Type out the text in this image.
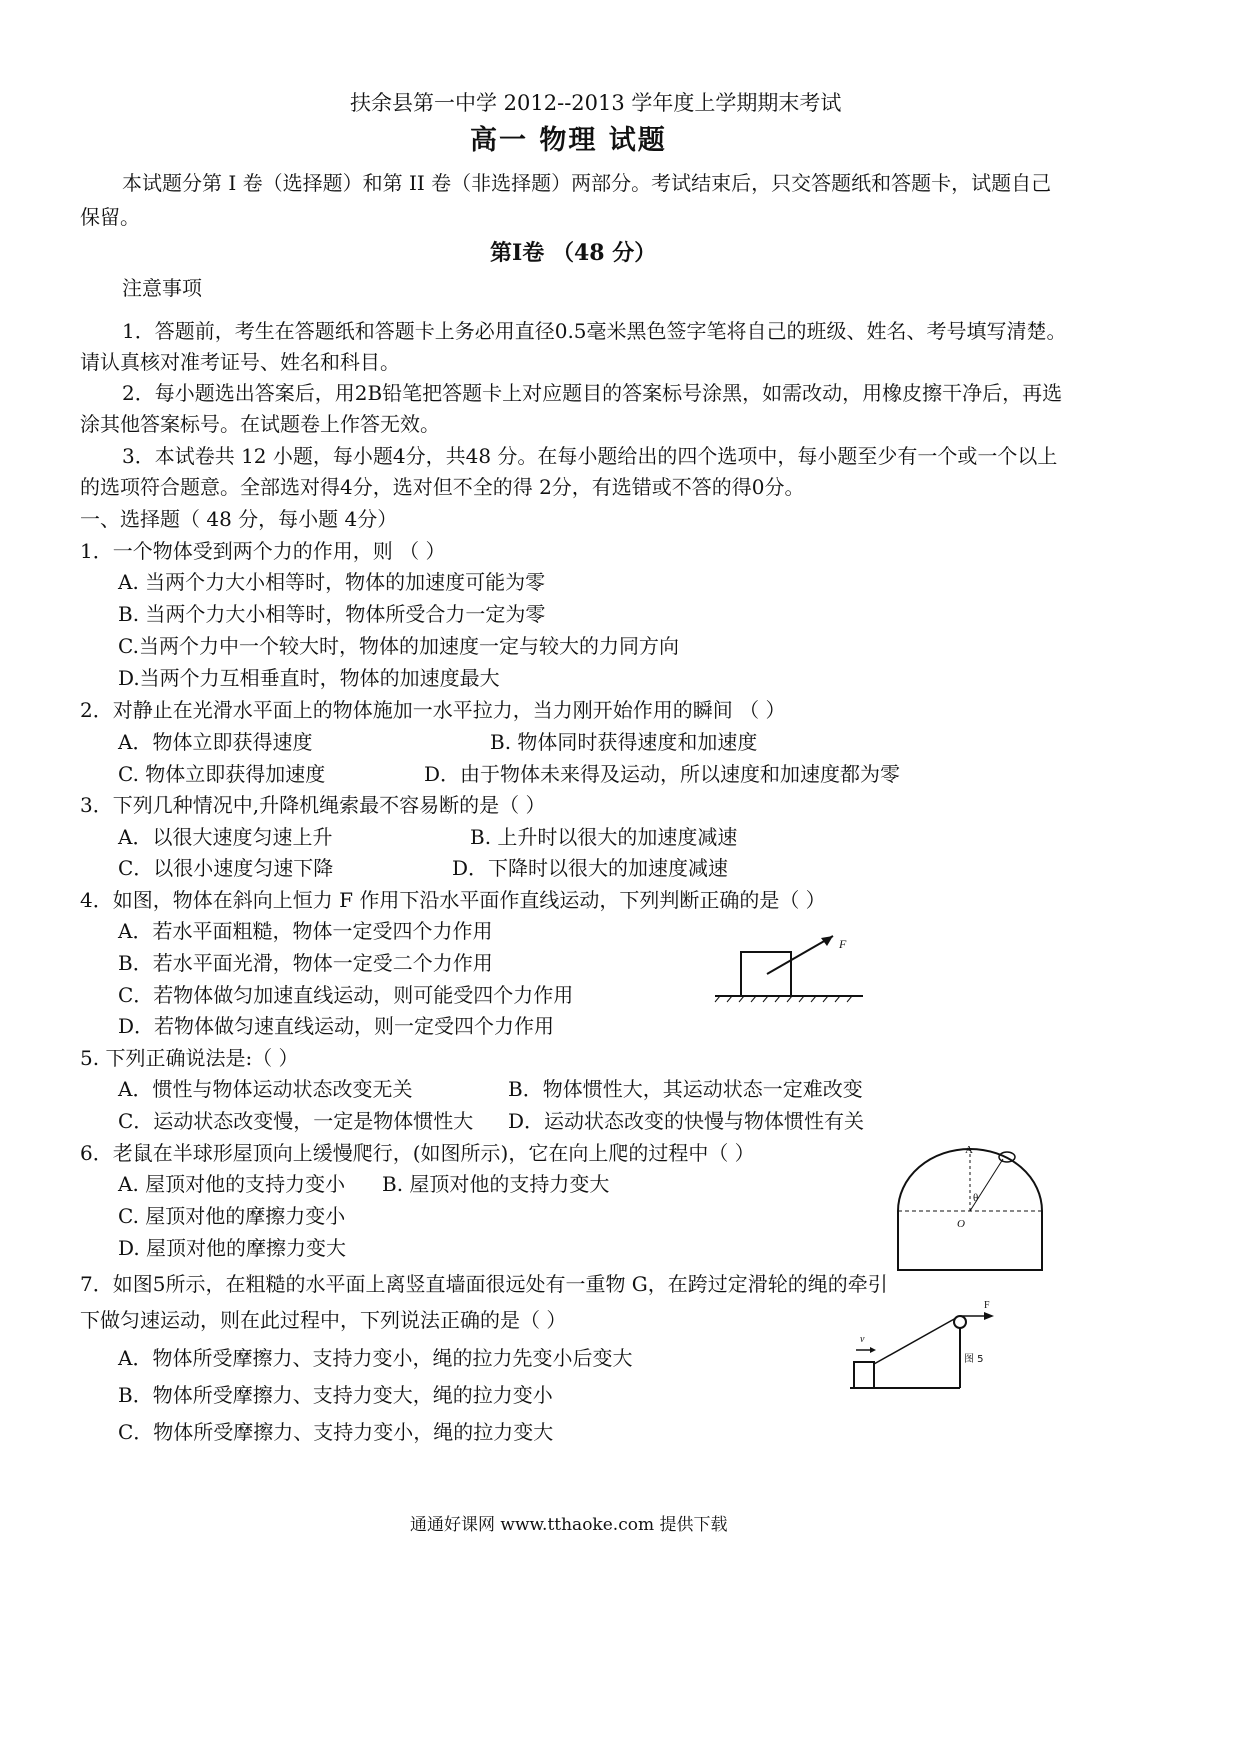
扶余县第一中学 2012--2013 学年度上学期期末考试
高一 物理 试题
本试题分第 I 卷（选择题）和第 II 卷（非选择题）两部分。考试结束后，只交答题纸和答题卡，试题自己
保留。
第I卷 （48 分）
注意事项
1．答题前，考生在答题纸和答题卡上务必用直径0.5毫米黑色签字笔将自己的班级、姓名、考号填写清楚。
请认真核对准考证号、姓名和科目。
2．每小题选出答案后，用2B铅笔把答题卡上对应题目的答案标号涂黑，如需改动，用橡皮擦干净后，再选
涂其他答案标号。在试题卷上作答无效。
3．本试卷共 12 小题，每小题4分，共48 分。在每小题给出的四个选项中，每小题至少有一个或一个以上
的选项符合题意。全部选对得4分，选对但不全的得 2分，有选错或不答的得0分。
一、选择题（ 48 分，每小题 4分）
1．一个物体受到两个力的作用，则 （ ）
A. 当两个力大小相等时，物体的加速度可能为零
B. 当两个力大小相等时，物体所受合力一定为零
C.当两个力中一个较大时，物体的加速度一定与较大的力同方向
D.当两个力互相垂直时，物体的加速度最大
2．对静止在光滑水平面上的物体施加一水平拉力，当力刚开始作用的瞬间 （ ）
A．物体立即获得速度	B. 物体同时获得速度和加速度
C. 物体立即获得加速度	D．由于物体未来得及运动，所以速度和加速度都为零
3．下列几种情况中,升降机绳索最不容易断的是（ ）
A．以很大速度匀速上升	B. 上升时以很大的加速度减速
C．以很小速度匀速下降	D．下降时以很大的加速度减速
4．如图，物体在斜向上恒力 F 作用下沿水平面作直线运动，下列判断正确的是（ ）
A．若水平面粗糙，物体一定受四个力作用
B．若水平面光滑，物体一定受二个力作用
C．若物体做匀加速直线运动，则可能受四个力作用
D．若物体做匀速直线运动，则一定受四个力作用
F
5. 下列正确说法是:（ ）
A．惯性与物体运动状态改变无关	B．物体惯性大，其运动状态一定难改变
C．运动状态改变慢，一定是物体惯性大 D．运动状态改变的快慢与物体惯性有关
6．老鼠在半球形屋顶向上缓慢爬行，(如图所示)，它在向上爬的过程中（ ）
A. 屋顶对他的支持力变小 B. 屋顶对他的支持力变大
C. 屋顶对他的摩擦力变小
D. 屋顶对他的摩擦力变大
A
θ
O
7．如图5所示，在粗糙的水平面上离竖直墙面很远处有一重物 G，在跨过定滑轮的绳的牵引
下做匀速运动，则在此过程中，下列说法正确的是（ ）
A．物体所受摩擦力、支持力变小，绳的拉力先变小后变大
B．物体所受摩擦力、支持力变大，绳的拉力变小
C．物体所受摩擦力、支持力变小，绳的拉力变大
v
F
图 5
通通好课网 www.tthaoke.com 提供下载
